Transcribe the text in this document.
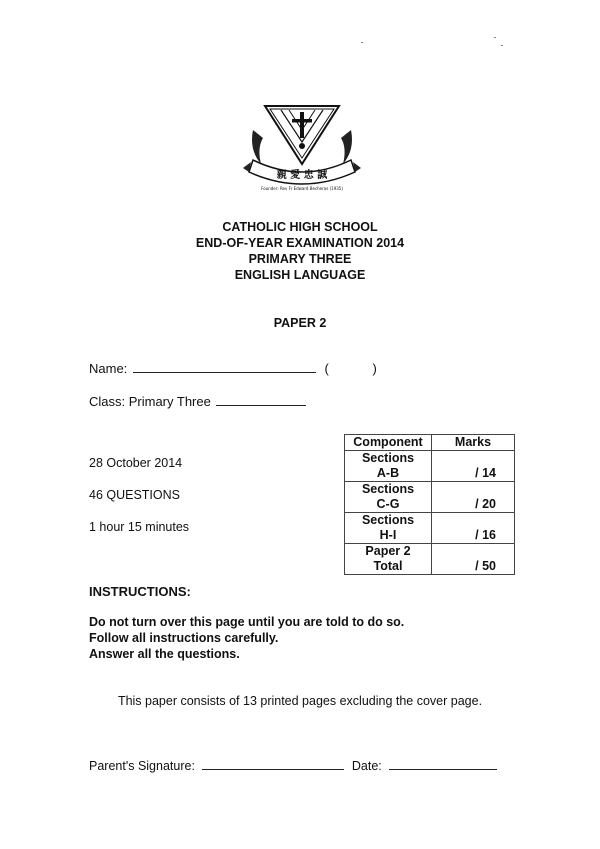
親 愛 忠 誠
Founder: Rev Fr Edward Becheras (1935)
CATHOLIC HIGH SCHOOL
END-OF-YEAR EXAMINATION 2014
PRIMARY THREE
ENGLISH LANGUAGE
PAPER 2
Name:	(	)
Class: Primary Three
28 October 2014
46 QUESTIONS
1 hour 15 minutes
Component	Marks

Sections
A-B	/ 14

Sections
C-G	/ 20

Sections
H-I	/ 16

Paper 2
Total	/ 50
INSTRUCTIONS:
Do not turn over this page until you are told to do so.
Follow all instructions carefully.
Answer all the questions.
This paper consists of 13 printed pages excluding the cover page.
Parent's Signature:	Date:
